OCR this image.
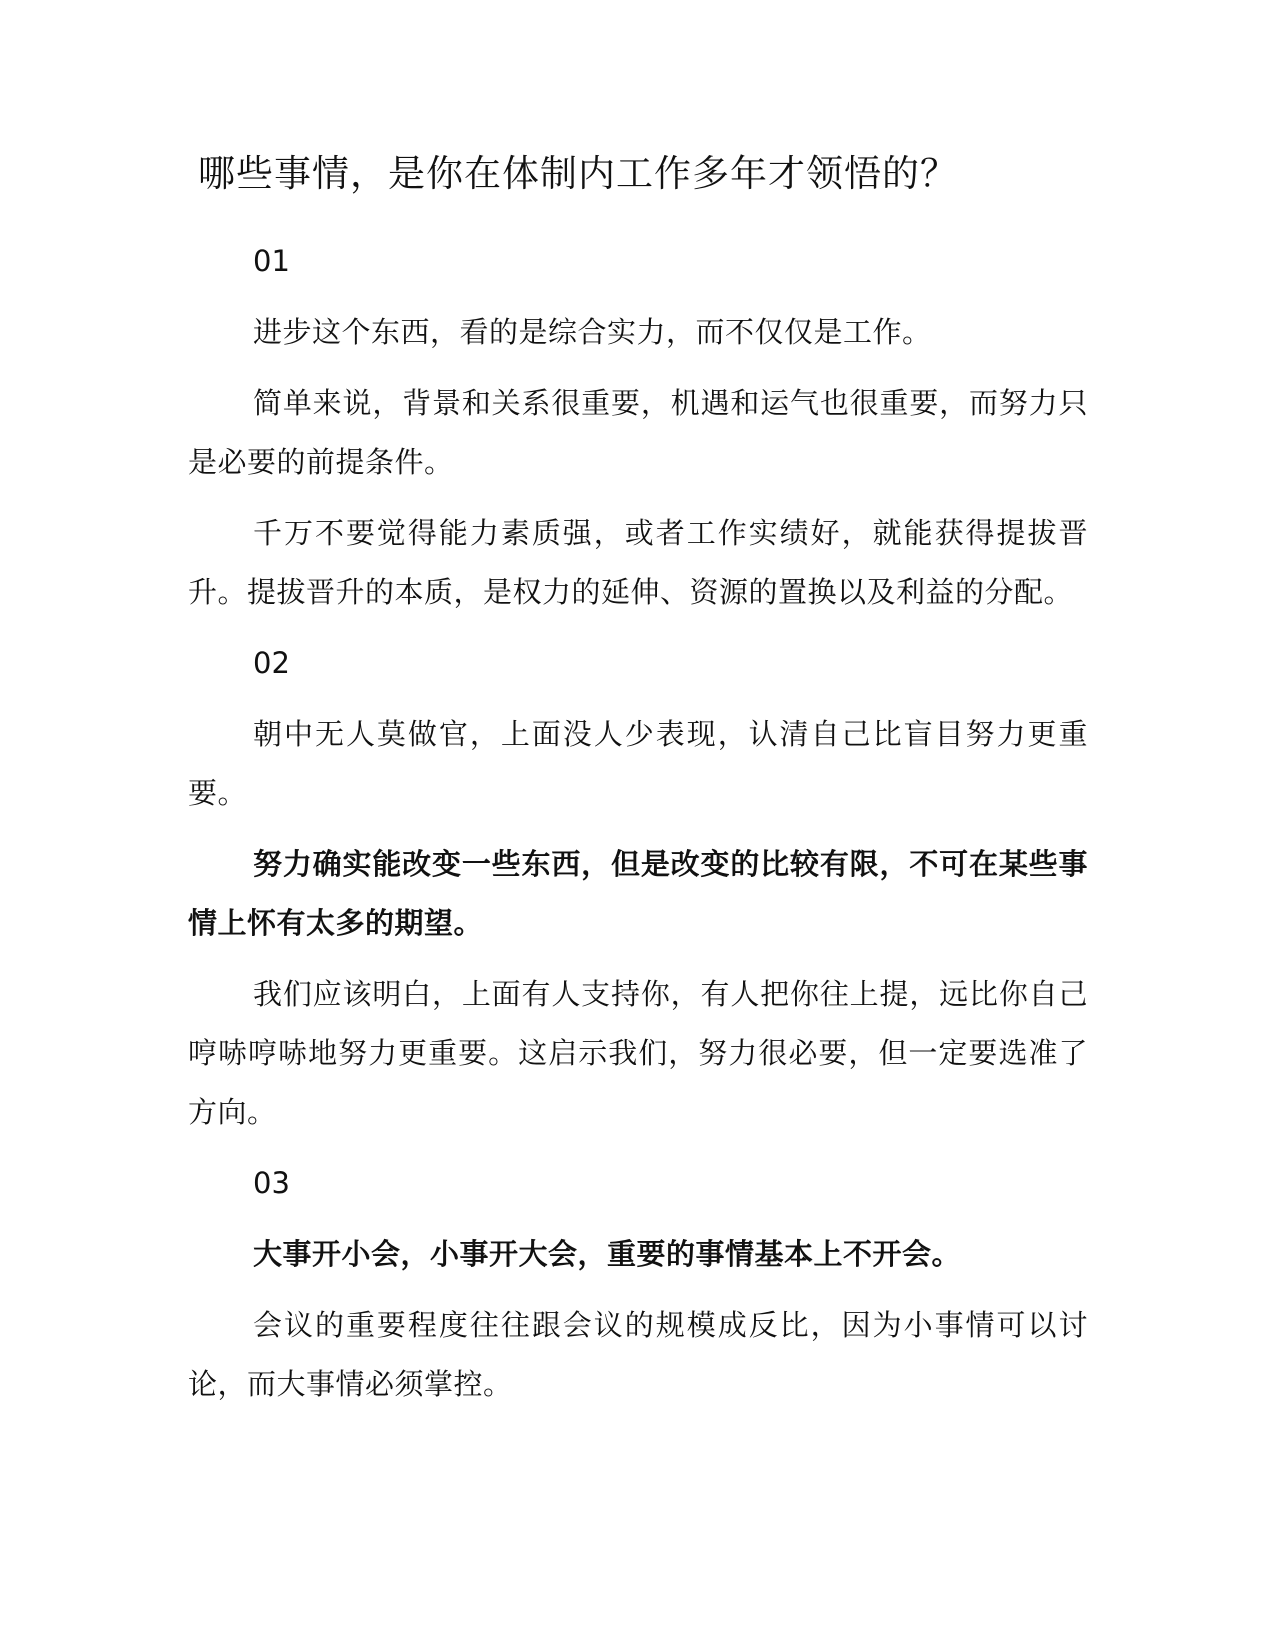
哪些事情，是你在体制内工作多年才领悟的？
01

进步这个东西，看的是综合实力，而不仅仅是工作。

简单来说，背景和关系很重要，机遇和运气也很重要，而努力只是必要的前提条件。

千万不要觉得能力素质强，或者工作实绩好，就能获得提拔晋升。提拔晋升的本质，是权力的延伸、资源的置换以及利益的分配。

02

朝中无人莫做官，上面没人少表现，认清自己比盲目努力更重要。

努力确实能改变一些东西，但是改变的比较有限，不可在某些事情上怀有太多的期望。

我们应该明白，上面有人支持你，有人把你往上提，远比你自己哼哧哼哧地努力更重要。这启示我们，努力很必要，但一定要选准了方向。

03

大事开小会，小事开大会，重要的事情基本上不开会。

会议的重要程度往往跟会议的规模成反比，因为小事情可以讨论，而大事情必须掌控。
